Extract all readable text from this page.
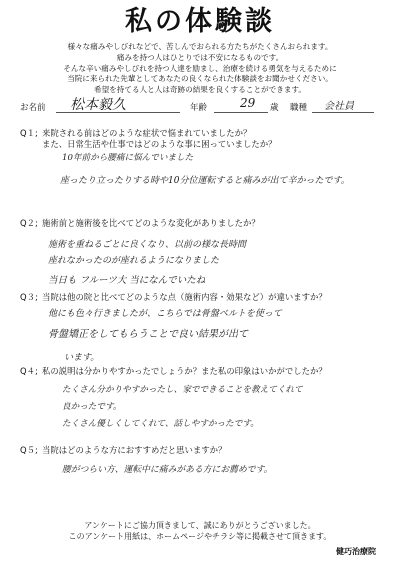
私の体験談
様々な痛みやしびれなどで、苦しんでおられる方たちがたくさんおられます。
痛みを持つ人はひとりでは不安になるものです。
そんな辛い痛みやしびれを持つ人達を励まし、治療を続ける勇気を与えるために
当院に来られた先輩としてあなたの良くなられた体験談をお聞かせください。
希望を持てる人と人は奇跡の結果を良くすることができます。
お名前 松本毅久	年齢	29 歳 職種 会社員
Q１; 来院される前はどのような症状で悩まれていましたか？
また、日常生活や仕事ではどのような事に困っていましたか？
10年前から腰痛に悩んでいました
座ったり立ったりする時や10分位運転すると痛みが出て辛かったです。
Q２; 施術前と施術後を比べてどのような変化がありましたか？
施術を重ねるごとに良くなり、以前の様な長時間
座れなかったのが座れるようになりました
当日も フルーツ大 当になんでいたね
Q３; 当院は他の院と比べてどのような点（施術内容・効果など）が違いますか？
他にも色々行きましたが、こちらでは骨盤ベルトを使って
骨盤矯正をしてもらうことで良い結果が出て
います。
Q４; 私の説明は分かりやすかったでしょうか？また私の印象はいかがでしたか？
たくさん分かりやすかったし、家でできることを教えてくれて
良かったです。
たくさん優しくしてくれて、話しやすかったです。
Q５; 当院はどのような方におすすめだと思いますか？
腰がつらい方、運転中に痛みがある方にお薦めです。
アンケートにご協力頂きまして、誠にありがとうございました。
このアンケート用紙は、ホームページやチラシ等に掲載させて頂きます。
健巧治療院
